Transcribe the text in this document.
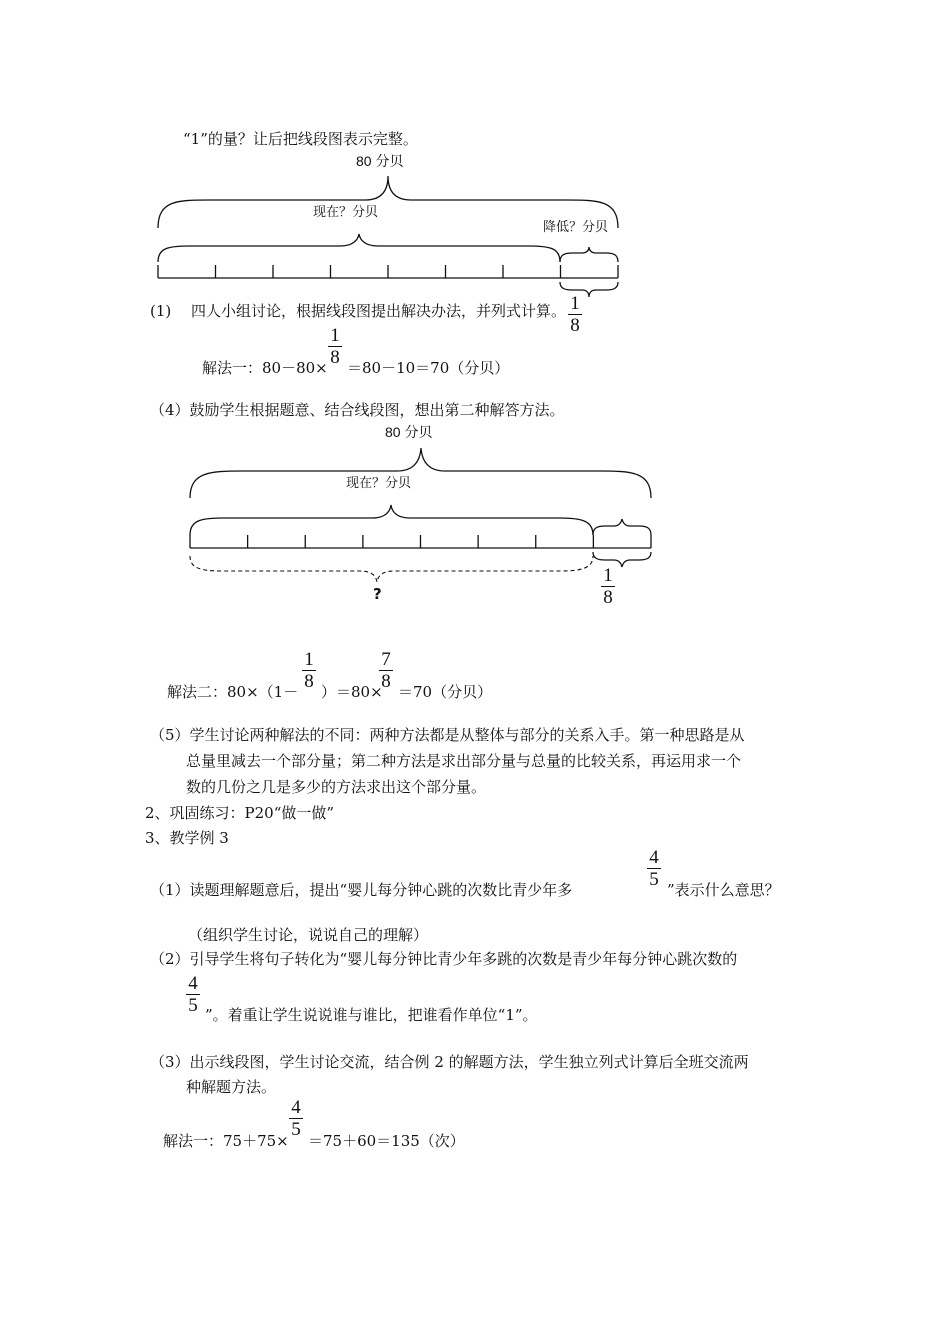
“1”的量？让后把线段图表示完整。
80 分贝
现在？分贝
降低？分贝
1
8
(1)　 四人小组讨论，根据线段图提出解决办法，并列式计算。
解法一：80－80×
1
8 ＝80－10＝70（分贝）
（4）鼓励学生根据题意、结合线段图，想出第二种解答方法。
80 分贝
现在？分贝
?
1
8
解法二：80×（1－
1
8 ）＝80×
7
8 ＝70（分贝）
（5）学生讨论两种解法的不同：两种方法都是从整体与部分的关系入手。第一种思路是从
总量里减去一个部分量；第二种方法是求出部分量与总量的比较关系，再运用求一个
数的几份之几是多少的方法求出这个部分量。
2、巩固练习：P20“做一做”
3、教学例 3
（1）读题理解题意后，提出“婴儿每分钟心跳的次数比青少年多
4
5 ”表示什么意思？
（组织学生讨论，说说自己的理解）
（2）引导学生将句子转化为“婴儿每分钟比青少年多跳的次数是青少年每分钟心跳次数的
4
5 ”。着重让学生说说谁与谁比，把谁看作单位“1”。
（3）出示线段图，学生讨论交流，结合例 2 的解题方法，学生独立列式计算后全班交流两
种解题方法。
解法一：75＋75×
4
5
＝75＋60＝135（次）
